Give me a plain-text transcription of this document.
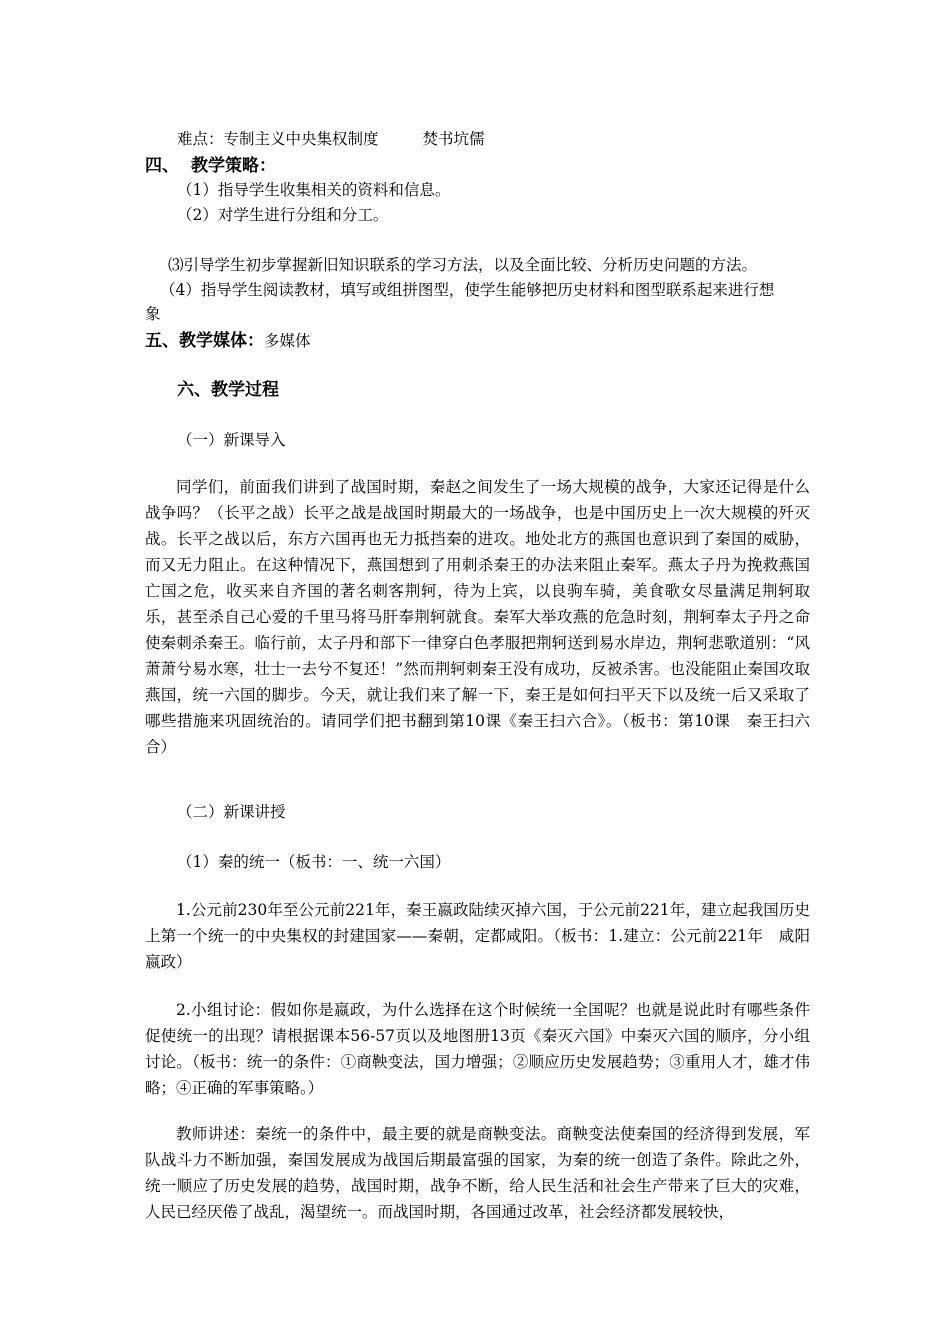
难点：专制主义中央集权制度	焚书坑儒
四、 教学策略：
（1）指导学生收集相关的资料和信息。
（2）对学生进行分组和分工。
⑶引导学生初步掌握新旧知识联系的学习方法，以及全面比较、分析历史问题的方法。
（4）指导学生阅读教材，填写或组拼图型，使学生能够把历史材料和图型联系起来进行想
象
五、教学媒体：多媒体
六、教学过程
（一）新课导入
同学们，前面我们讲到了战国时期，秦赵之间发生了一场大规模的战争，大家还记得是什么战争吗？（长平之战）长平之战是战国时期最大的一场战争，也是中国历史上一次大规模的歼灭战。长平之战以后，东方六国再也无力抵挡秦的进攻。地处北方的燕国也意识到了秦国的威胁，而又无力阻止。在这种情况下，燕国想到了用刺杀秦王的办法来阻止秦军。燕太子丹为挽救燕国亡国之危，收买来自齐国的著名刺客荆轲，待为上宾，以良驹车骑，美食歌女尽量满足荆轲取乐，甚至杀自己心爱的千里马将马肝奉荆轲就食。秦军大举攻燕的危急时刻，荆轲奉太子丹之命使秦刺杀秦王。临行前，太子丹和部下一律穿白色孝服把荆轲送到易水岸边，荆轲悲歌道别：“风萧萧兮易水寒，壮士一去兮不复还！”然而荆轲刺秦王没有成功，反被杀害。也没能阻止秦国攻取燕国，统一六国的脚步。今天，就让我们来了解一下，秦王是如何扫平天下以及统一后又采取了哪些措施来巩固统治的。请同学们把书翻到第10课《秦王扫六合》。（板书：第10课　秦王扫六合）
（二）新课讲授
（1）秦的统一（板书：一、统一六国）
1.公元前230年至公元前221年，秦王嬴政陆续灭掉六国，于公元前221年，建立起我国历史上第一个统一的中央集权的封建国家——秦朝，定都咸阳。（板书：1.建立：公元前221年　咸阳　嬴政）
2.小组讨论：假如你是嬴政，为什么选择在这个时候统一全国呢？也就是说此时有哪些条件促使统一的出现？请根据课本56-57页以及地图册13页《秦灭六国》中秦灭六国的顺序，分小组讨论。（板书：统一的条件：①商鞅变法，国力增强；②顺应历史发展趋势；③重用人才，雄才伟略；④正确的军事策略。）
教师讲述：秦统一的条件中，最主要的就是商鞅变法。商鞅变法使秦国的经济得到发展，军队战斗力不断加强，秦国发展成为战国后期最富强的国家，为秦的统一创造了条件。除此之外，统一顺应了历史发展的趋势，战国时期，战争不断，给人民生活和社会生产带来了巨大的灾难，人民已经厌倦了战乱，渴望统一。而战国时期，各国通过改革，社会经济都发展较快，
